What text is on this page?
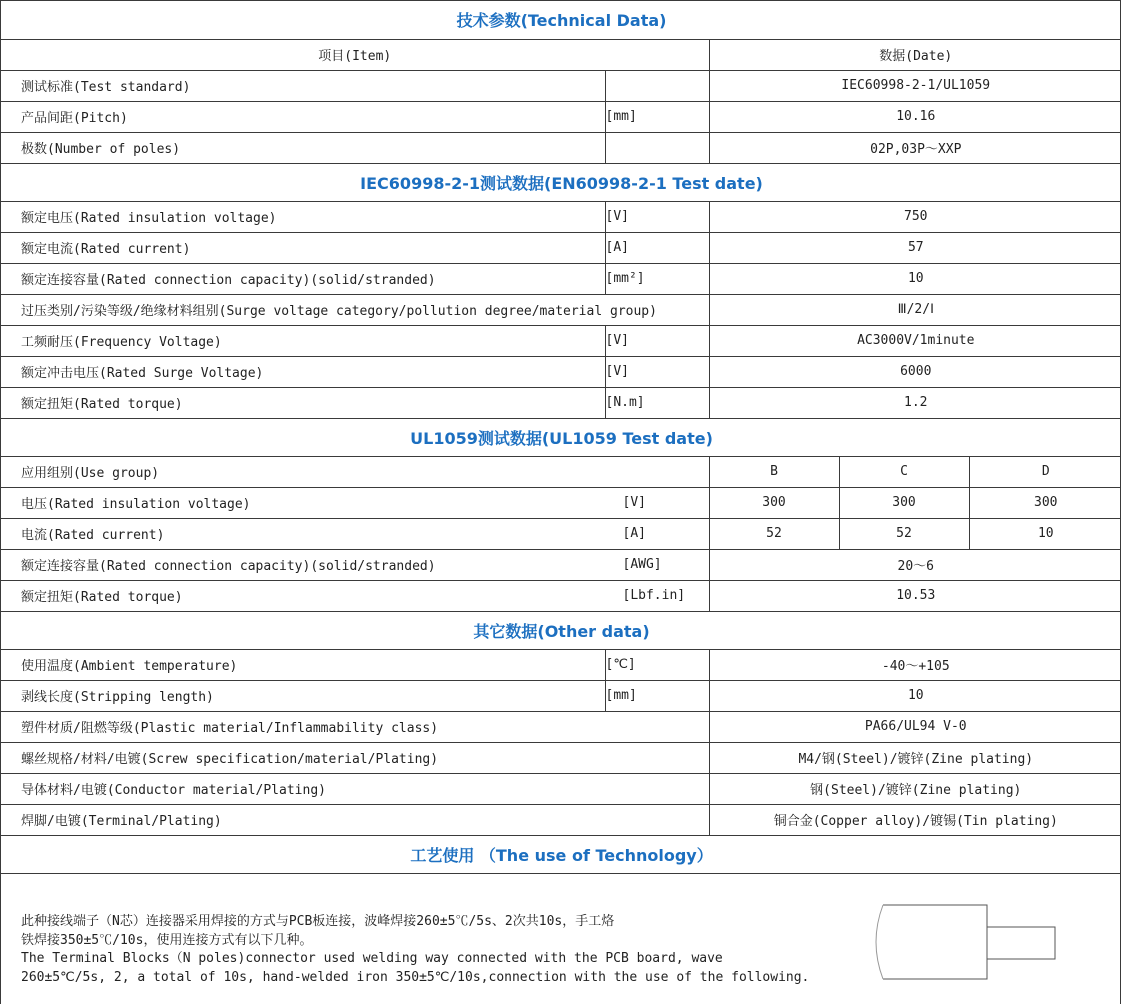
技术参数(Technical Data)				
项目(Item)		数据(Date)		
测试标准(Test standard)		IEC60998-2-1/UL1059		
产品间距(Pitch)	[mm]	10.16		
极数(Number of poles)		02P,03P～XXP		
IEC60998-2-1测试数据(EN60998-2-1 Test date)				
额定电压(Rated insulation voltage)	[V]	750		
额定电流(Rated current)	[A]	57		
额定连接容量(Rated connection capacity)(solid/stranded)	[mm²]	10		
过压类别/污染等级/绝缘材料组别(Surge voltage category/pollution degree/material group)		Ⅲ/2/Ⅰ		
工频耐压(Frequency Voltage)	[V]	AC3000V/1minute		
额定冲击电压(Rated Surge Voltage)	[V]	6000		
额定扭矩(Rated torque)	[N.m]	1.2		
UL1059测试数据(UL1059 Test date)				
应用组别(Use group)		B	C	D

电压(Rated insulation voltage) [V]		300	300	300

电流(Rated current) [A]		52	52	10

额定连接容量(Rated connection capacity)(solid/stranded) [AWG]		20～6		

额定扭矩(Rated torque) [Lbf.in]		10.53		
其它数据(Other data)				
使用温度(Ambient temperature)	[℃]	-40～+105		
剥线长度(Stripping length)	[mm]	10		
塑件材质/阻燃等级(Plastic material/Inflammability class)		PA66/UL94 V-0		
螺丝规格/材料/电镀(Screw specification/material/Plating)		M4/钢(Steel)/镀锌(Zine plating)		
导体材料/电镀(Conductor material/Plating)		钢(Steel)/镀锌(Zine plating)		
焊脚/电镀(Terminal/Plating)		铜合金(Copper alloy)/镀锡(Tin plating)		
工艺使用 （The use of Technology）				

此种接线端子（N芯）连接器采用焊接的方式与PCB板连接，波峰焊接260±5℃/5s、2次共10s，手工烙
铁焊接350±5℃/10s，使用连接方式有以下几种。
The Terminal Blocks（N poles)connector used welding way connected with the PCB board, wave
260±5℃/5s, 2, a total of 10s, hand-welded iron 350±5℃/10s,connection with the use of the following.
